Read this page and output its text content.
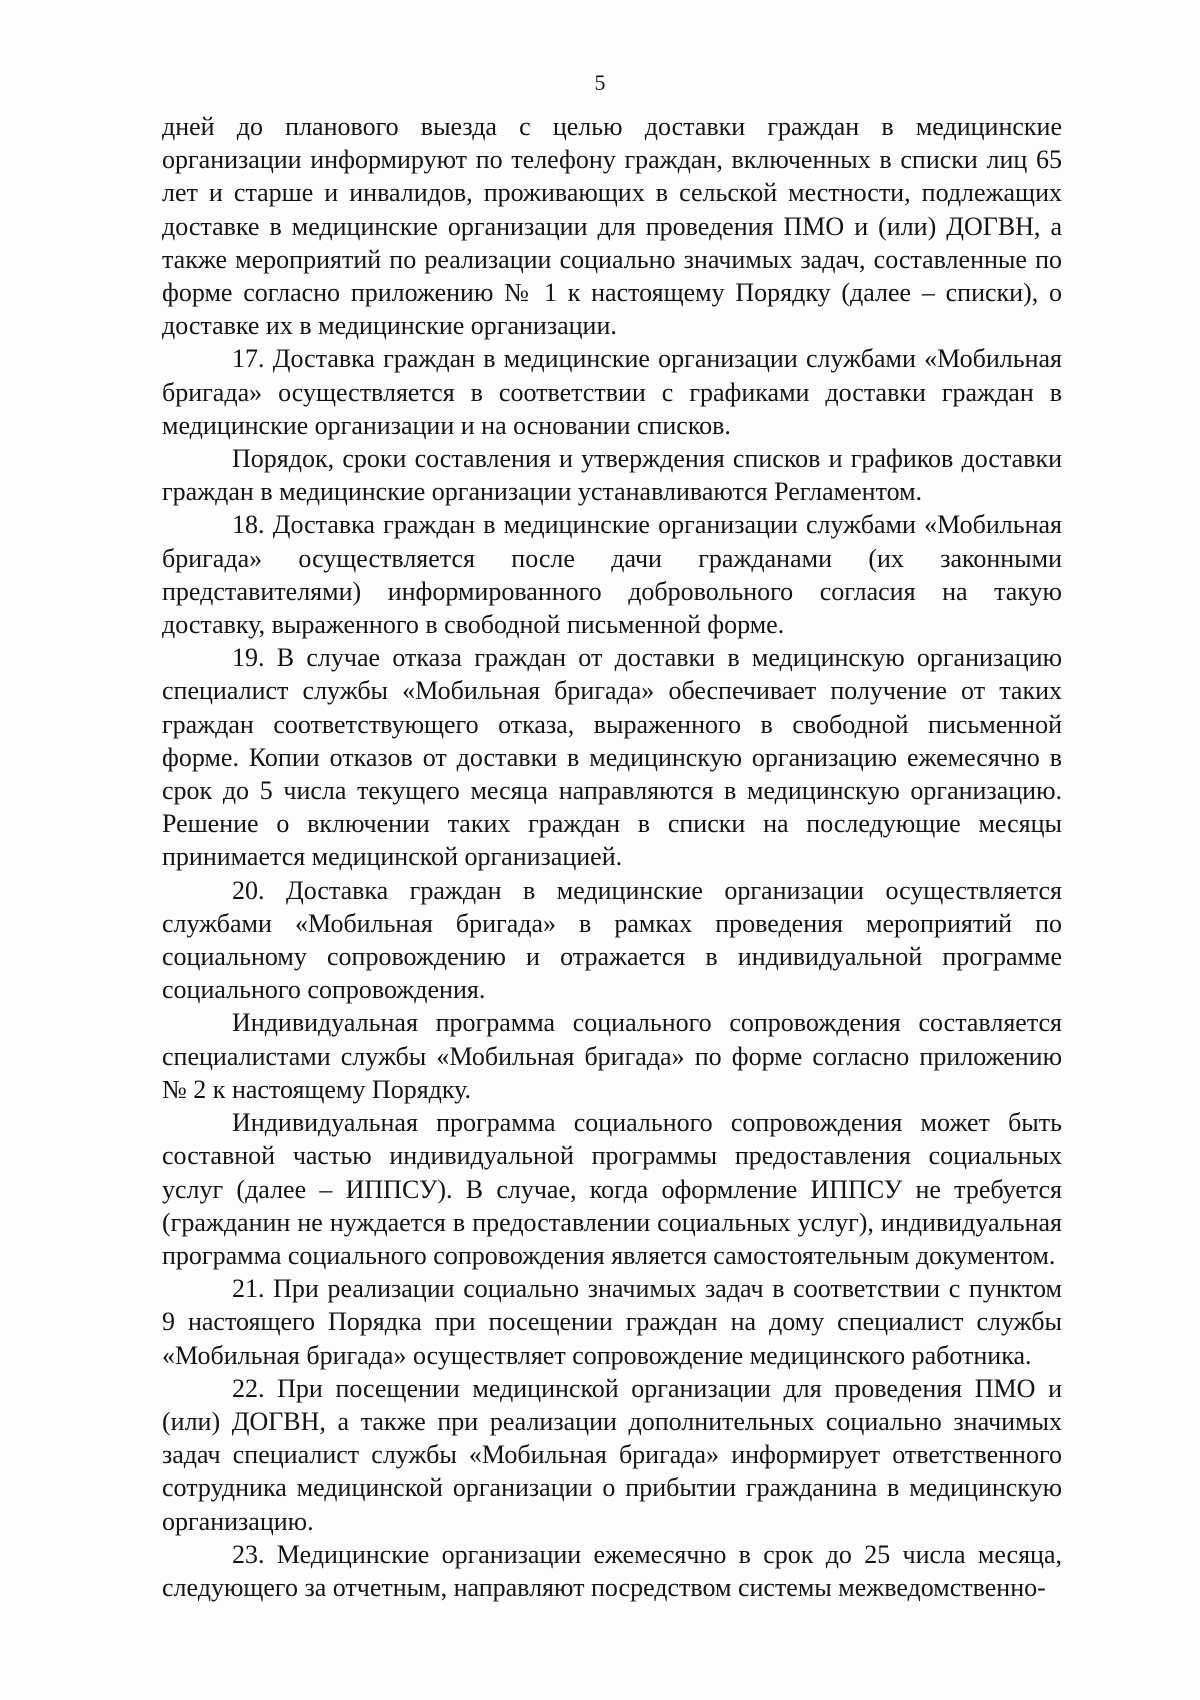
5

дней до планового выезда с целью доставки граждан в медицинские организации информируют по телефону граждан, включенных в списки лиц 65 лет и старше и инвалидов, проживающих в сельской местности, подлежащих доставке в медицинские организации для проведения ПМО и (или) ДОГВН, а также мероприятий по реализации социально значимых задач, составленные по форме согласно приложению № 1 к настоящему Порядку (далее – списки), о доставке их в медицинские организации.

17. Доставка граждан в медицинские организации службами «Мобильная бригада» осуществляется в соответствии с графиками доставки граждан в медицинские организации и на основании списков.

Порядок, сроки составления и утверждения списков и графиков доставки граждан в медицинские организации устанавливаются Регламентом.

18. Доставка граждан в медицинские организации службами «Мобильная бригада» осуществляется после дачи гражданами (их законными представителями) информированного добровольного согласия на такую доставку, выраженного в свободной письменной форме.

19. В случае отказа граждан от доставки в медицинскую организацию специалист службы «Мобильная бригада» обеспечивает получение от таких граждан соответствующего отказа, выраженного в свободной письменной форме. Копии отказов от доставки в медицинскую организацию ежемесячно в срок до 5 числа текущего месяца направляются в медицинскую организацию. Решение о включении таких граждан в списки на последующие месяцы принимается медицинской организацией.

20. Доставка граждан в медицинские организации осуществляется службами «Мобильная бригада» в рамках проведения мероприятий по социальному сопровождению и отражается в индивидуальной программе социального сопровождения.

Индивидуальная программа социального сопровождения составляется специалистами службы «Мобильная бригада» по форме согласно приложению № 2 к настоящему Порядку.

Индивидуальная программа социального сопровождения может быть составной частью индивидуальной программы предоставления социальных услуг (далее – ИППСУ). В случае, когда оформление ИППСУ не требуется (гражданин не нуждается в предоставлении социальных услуг), индивидуальная программа социального сопровождения является самостоятельным документом.

21. При реализации социально значимых задач в соответствии с пунктом 9 настоящего Порядка при посещении граждан на дому специалист службы «Мобильная бригада» осуществляет сопровождение медицинского работника.

22. При посещении медицинской организации для проведения ПМО и (или) ДОГВН, а также при реализации дополнительных социально значимых задач специалист службы «Мобильная бригада» информирует ответственного сотрудника медицинской организации о прибытии гражданина в медицинскую организацию.

23. Медицинские организации ежемесячно в срок до 25 числа месяца, следующего за отчетным, направляют посредством системы межведомственно-
